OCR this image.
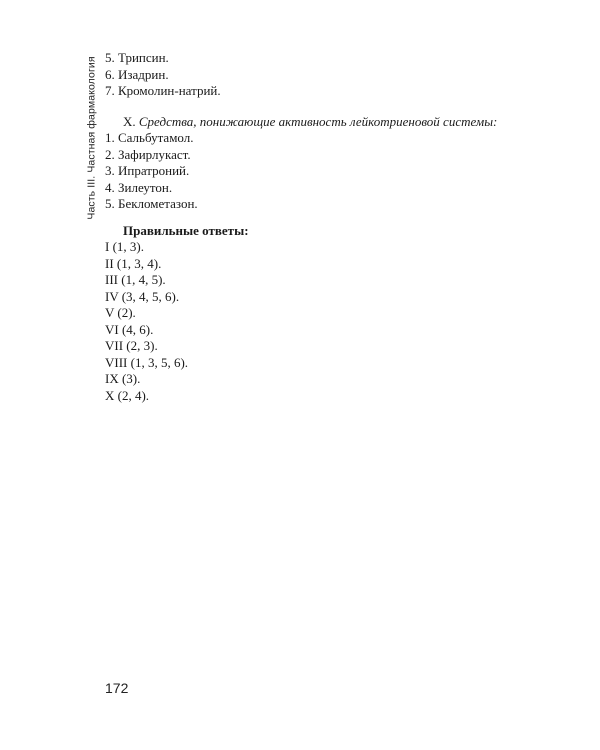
Часть III. Частная фармакология 5. Трипсин.
6. Изадрин.
7. Кромолин-натрий.
X. Средства, понижающие активность лейкотриеновой системы:
1. Сальбутамол.
2. Зафирлукаст.
3. Ипратроний.
4. Зилеутон.
5. Беклометазон.
Правильные ответы:
I (1, 3).
II (1, 3, 4).
III (1, 4, 5).
IV (3, 4, 5, 6).
V (2).
VI (4, 6).
VII (2, 3).
VIII (1, 3, 5, 6).
IX (3).
X (2, 4).
172
